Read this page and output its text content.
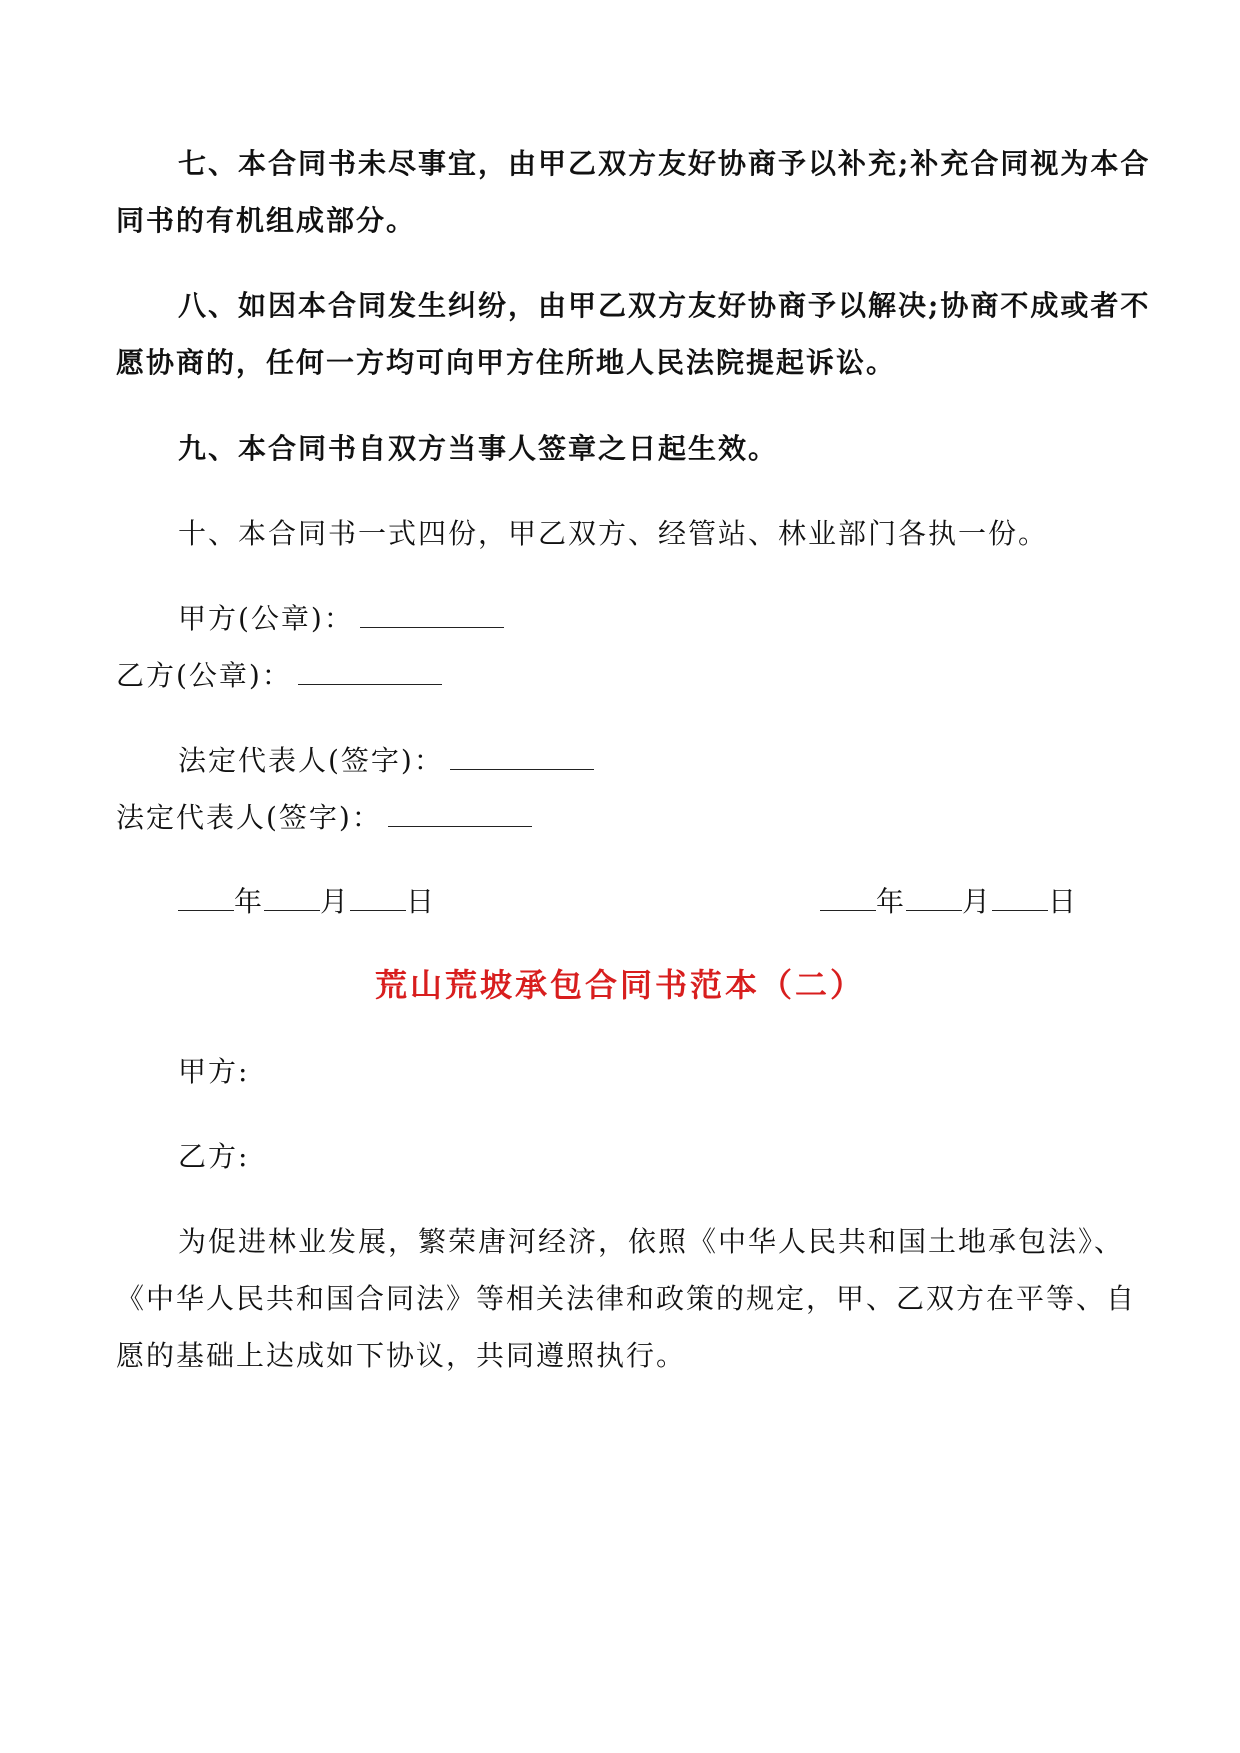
七、本合同书未尽事宜，由甲乙双方友好协商予以补充;补充合同视为本合
同书的有机组成部分。
八、如因本合同发生纠纷，由甲乙双方友好协商予以解决;协商不成或者不
愿协商的，任何一方均可向甲方住所地人民法院提起诉讼。
九、本合同书自双方当事人签章之日起生效。
十、本合同书一式四份，甲乙双方、经管站、林业部门各执一份。
甲方(公章)：
乙方(公章)：
法定代表人(签字)：
法定代表人(签字)：
年 月 日	年 月 日
荒山荒坡承包合同书范本（二）
甲方:
乙方:
为促进林业发展，繁荣唐河经济，依照《中华人民共和国土地承包法》、
《中华人民共和国合同法》等相关法律和政策的规定，甲、乙双方在平等、自
愿的基础上达成如下协议，共同遵照执行。
